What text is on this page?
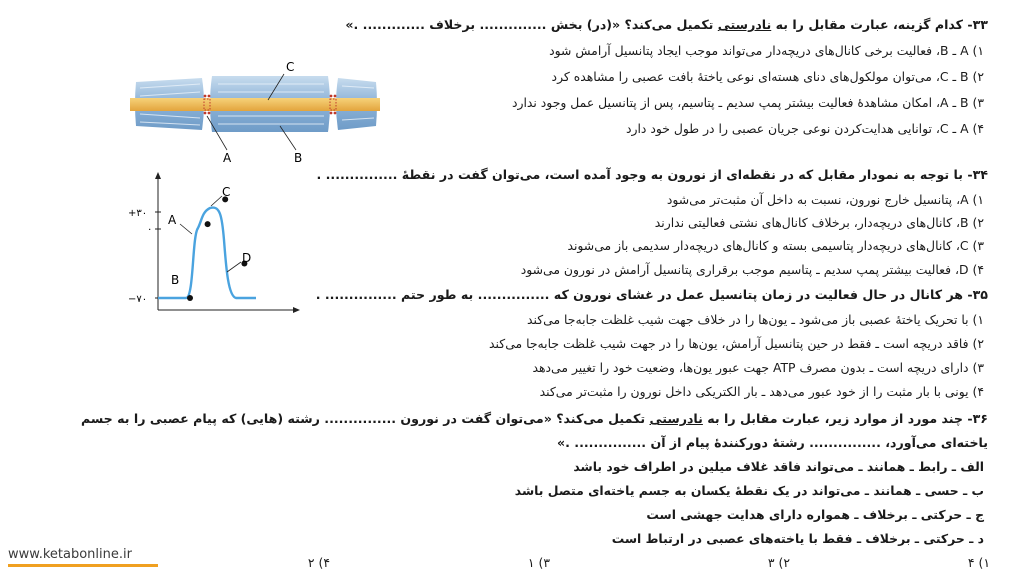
۳۳- کدام گزینه، عبارت مقابل را به نادرستی تکمیل می‌کند؟ «(در) بخش .............. برخلاف ............. .»
۱) A ـ B، فعالیت برخی کانال‌های دریچه‌دار می‌تواند موجب ایجاد پتانسیل آرامش شود
۲) B ـ C، می‌توان مولکول‌های دنای هسته‌ای نوعی یاختهٔ بافت عصبی را مشاهده کرد
۳) B ـ A، امکان مشاهدهٔ فعالیت بیشتر پمپ سدیم ـ پتاسیم، پس از پتانسیل عمل وجود ندارد
۴) A ـ C، توانایی هدایت‌کردن نوعی جریان عصبی را در طول خود دارد
C
A	B
۳۴- با توجه به نمودار مقابل که در نقطه‌ای از نورون به وجود آمده است، می‌توان گفت در نقطهٔ ............... .
۱) A، پتانسیل خارج نورون، نسبت به داخل آن مثبت‌تر می‌شود
۲) B، کانال‌های دریچه‌دار، برخلاف کانال‌های نشتی فعالیتی ندارند
۳) C، کانال‌های دریچه‌دار پتاسیمی بسته و کانال‌های دریچه‌دار سدیمی باز می‌شوند
۴) D، فعالیت بیشتر پمپ سدیم ـ پتاسیم موجب برقراری پتانسیل آرامش در نورون می‌شود
+۳۰
۰
−۷۰
A
B
C
D
۳۵- هر کانال در حال فعالیت در زمان پتانسیل عمل در غشای نورون که ............... به طور حتم ............... .
۱) با تحریک یاختهٔ عصبی باز می‌شود ـ یون‌ها را در خلاف جهت شیب غلظت جابه‌جا می‌کند
۲) فاقد دریچه است ـ فقط در حین پتانسیل آرامش، یون‌ها را در جهت شیب غلظت جابه‌جا می‌کند
۳) دارای دریچه است ـ بدون مصرف ATP جهت عبور یون‌ها، وضعیت خود را تغییر می‌دهد
۴) یونی با بار مثبت را از خود عبور می‌دهد ـ بار الکتریکی داخل نورون را مثبت‌تر می‌کند
۳۶- چند مورد از موارد زیر، عبارت مقابل را به نادرستی تکمیل می‌کند؟ «می‌توان گفت در نورون ............... رشته (هایی) که پیام عصبی را به جسم
یاخته‌ای می‌آورد، ............... رشتهٔ دورکنندهٔ پیام از آن ............... .»
الف ـ رابط ـ همانند ـ می‌تواند فاقد غلاف میلین در اطراف خود باشد
ب ـ حسی ـ همانند ـ می‌تواند در یک نقطهٔ یکسان به جسم یاخته‌ای متصل باشد
ج ـ حرکتی ـ برخلاف ـ همواره دارای هدایت جهشی است
د ـ حرکتی ـ برخلاف ـ فقط با یاخته‌های عصبی در ارتباط است
۱) ۴
۲) ۳
۳) ۱
۴) ۲
www.ketabonline.ir
